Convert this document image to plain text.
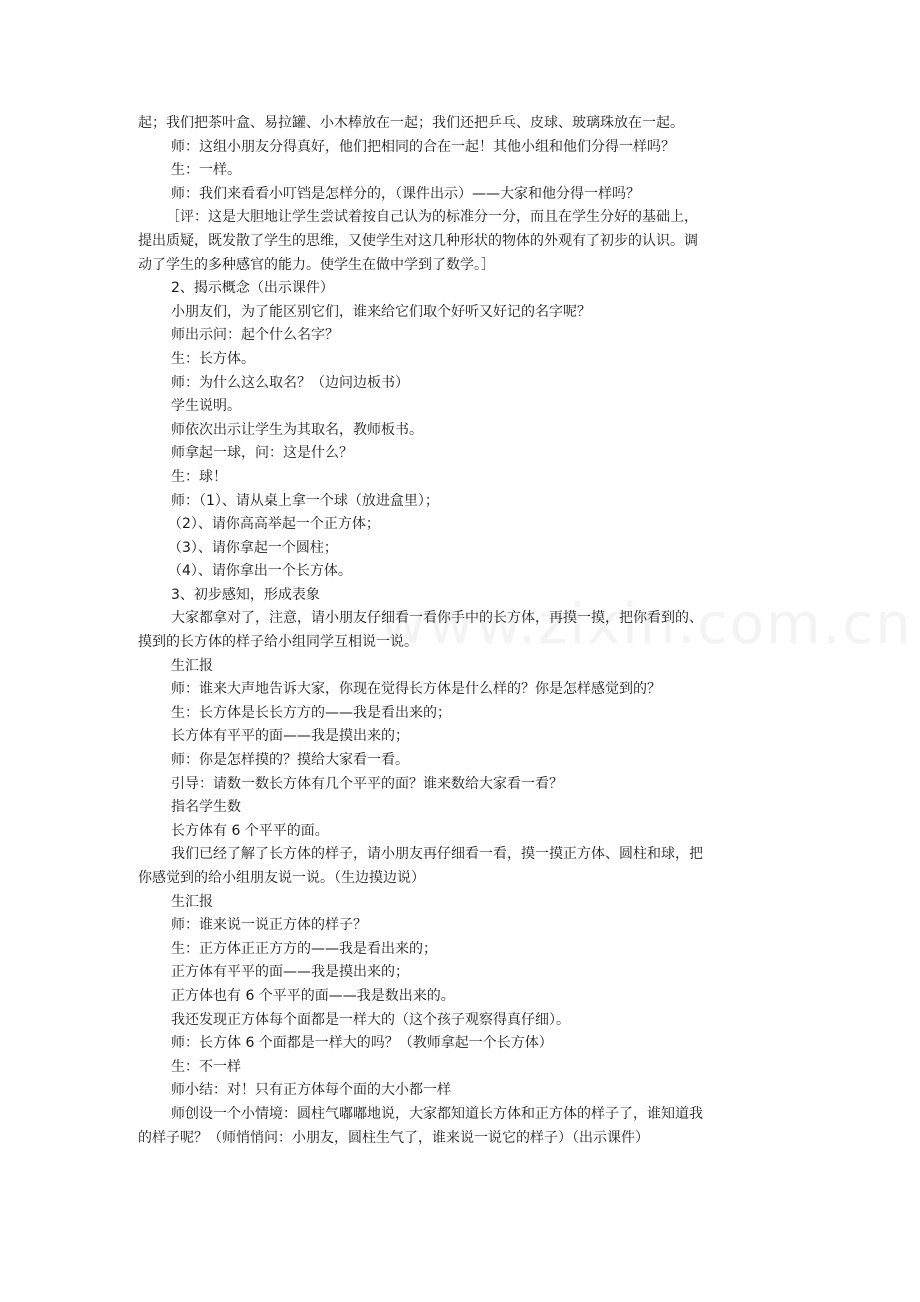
起；我们把茶叶盒、易拉罐、小木棒放在一起；我们还把乒乓、皮球、玻璃珠放在一起。
师：这组小朋友分得真好，他们把相同的合在一起！其他小组和他们分得一样吗？
生：一样。
师：我们来看看小叮铛是怎样分的，（课件出示）——大家和他分得一样吗？
［评：这是大胆地让学生尝试着按自己认为的标准分一分，而且在学生分好的基础上，
提出质疑，既发散了学生的思维，又使学生对这几种形状的物体的外观有了初步的认识。调
动了学生的多种感官的能力。使学生在做中学到了数学。］
2、揭示概念（出示课件）
小朋友们，为了能区别它们，谁来给它们取个好听又好记的名字呢？
师出示问：起个什么名字？
生：长方体。
师：为什么这么取名？（边问边板书）
学生说明。
师依次出示让学生为其取名，教师板书。
师拿起一球，问：这是什么？
生：球！
师：（1）、请从桌上拿一个球（放进盒里）；
（2）、请你高高举起一个正方体；
（3）、请你拿起一个圆柱；
（4）、请你拿出一个长方体。
3、初步感知，形成表象
大家都拿对了，注意，请小朋友仔细看一看你手中的长方体，再摸一摸，把你看到的、
摸到的长方体的样子给小组同学互相说一说。
生汇报
师：谁来大声地告诉大家，你现在觉得长方体是什么样的？你是怎样感觉到的？
生：长方体是长长方方的——我是看出来的；
长方体有平平的面——我是摸出来的；
师：你是怎样摸的？摸给大家看一看。
引导：请数一数长方体有几个平平的面？谁来数给大家看一看？
指名学生数
长方体有 6 个平平的面。
我们已经了解了长方体的样子，请小朋友再仔细看一看，摸一摸正方体、圆柱和球，把
你感觉到的给小组朋友说一说。（生边摸边说）
生汇报
师：谁来说一说正方体的样子？
生：正方体正正方方的——我是看出来的；
正方体有平平的面——我是摸出来的；
正方体也有 6 个平平的面——我是数出来的。
我还发现正方体每个面都是一样大的（这个孩子观察得真仔细）。
师：长方体 6 个面都是一样大的吗？（教师拿起一个长方体）
生：不一样
师小结：对！只有正方体每个面的大小都一样
师创设一个小情境：圆柱气嘟嘟地说，大家都知道长方体和正方体的样子了，谁知道我
的样子呢？（师悄悄问：小朋友，圆柱生气了，谁来说一说它的样子）（出示课件）
